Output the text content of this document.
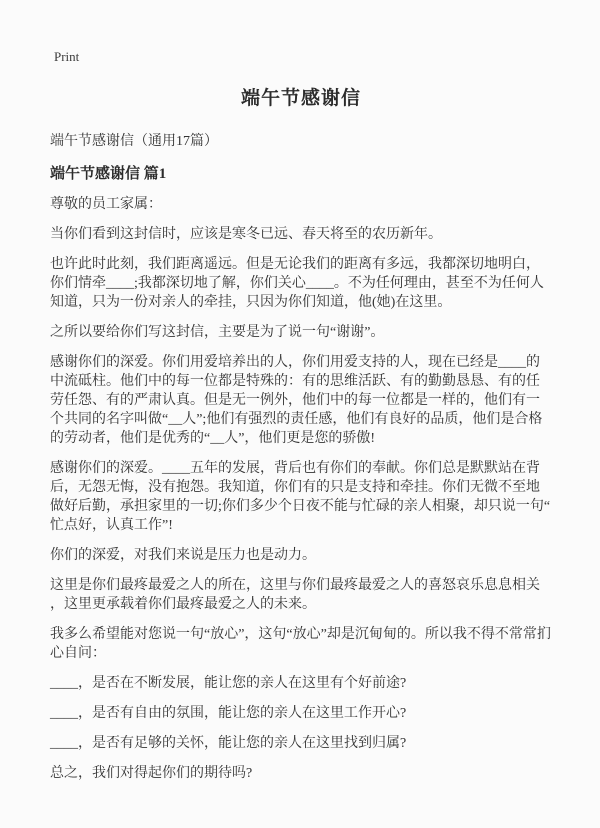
Print
端午节感谢信

端午节感谢信（通用17篇）

端午节感谢信 篇1

尊敬的员工家属：

当你们看到这封信时，应该是寒冬已远、春天将至的农历新年。

也许此时此刻，我们距离遥远。但是无论我们的距离有多远，我都深切地明白，你们情牵____;我都深切地了解，你们关心____。不为任何理由，甚至不为任何人知道，只为一份对亲人的牵挂，只因为你们知道，他(她)在这里。

之所以要给你们写这封信，主要是为了说一句“谢谢”。

感谢你们的深爱。你们用爱培养出的人，你们用爱支持的人，现在已经是____的中流砥柱。他们中的每一位都是特殊的：有的思维活跃、有的勤勤恳恳、有的任劳任怨、有的严肃认真。但是无一例外，他们中的每一位都是一样的，他们有一个共同的名字叫做“__人”;他们有强烈的责任感，他们有良好的品质，他们是合格的劳动者，他们是优秀的“__人”，他们更是您的骄傲!

感谢你们的深爱。____五年的发展，背后也有你们的奉献。你们总是默默站在背后，无怨无悔，没有抱怨。我知道，你们有的只是支持和牵挂。你们无微不至地做好后勤，承担家里的一切;你们多少个日夜不能与忙碌的亲人相聚，却只说一句“忙点好，认真工作”!

你们的深爱，对我们来说是压力也是动力。

这里是你们最疼最爱之人的所在，这里与你们最疼最爱之人的喜怒哀乐息息相关，这里更承载着你们最疼最爱之人的未来。

我多么希望能对您说一句“放心”，这句“放心”却是沉甸甸的。所以我不得不常常扪心自问：

____，是否在不断发展，能让您的亲人在这里有个好前途?

____，是否有自由的氛围，能让您的亲人在这里工作开心?

____，是否有足够的关怀，能让您的亲人在这里找到归属?

总之，我们对得起你们的期待吗?
